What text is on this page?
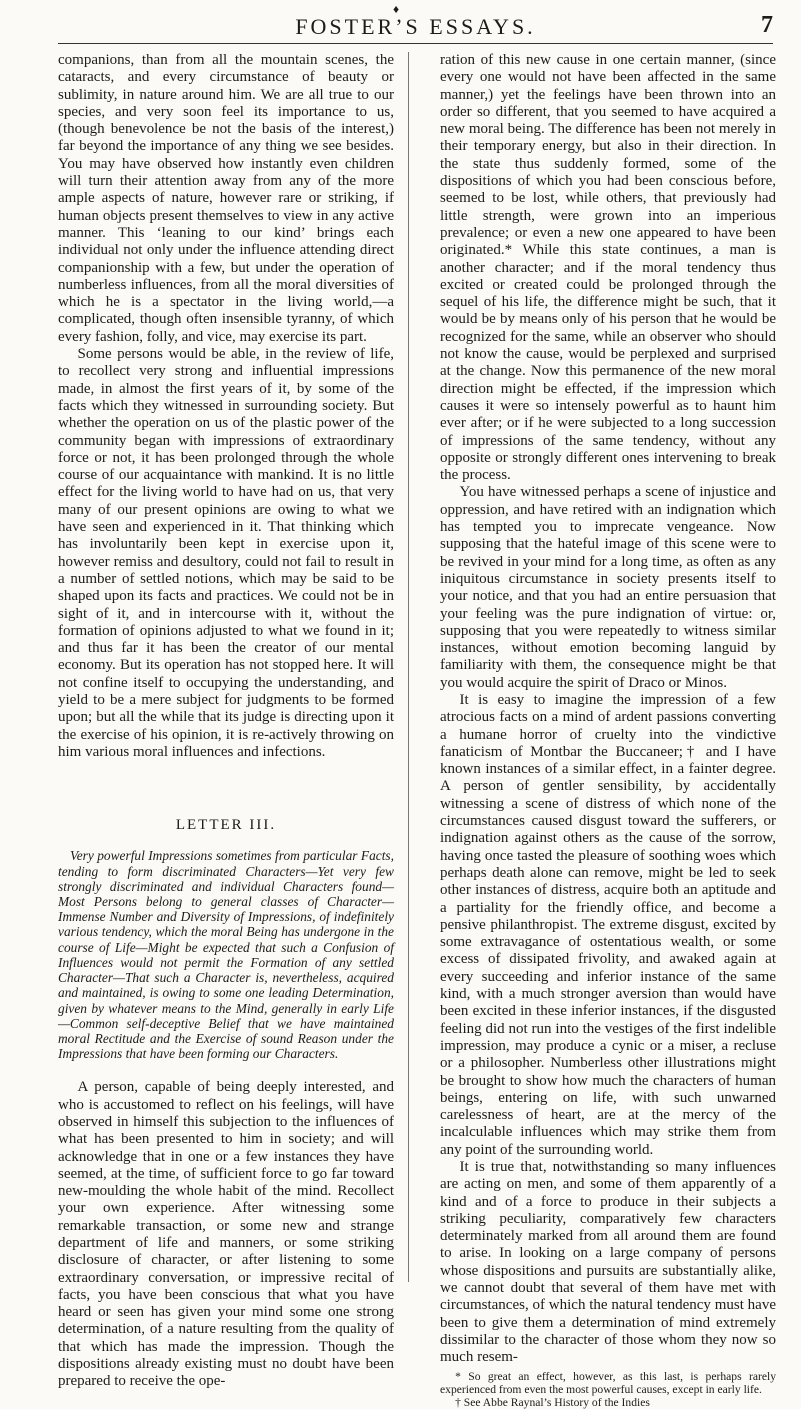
♦
FOSTER’S ESSAYS.	7

companions, than from all the mountain scenes, the cataracts, and every circumstance of beauty or sublimity, in nature around him. We are all true to our species, and very soon feel its importance to us, (though benevolence be not the basis of the interest,) far beyond the importance of any thing we see besides. You may have observed how instantly even children will turn their attention away from any of the more ample aspects of nature, however rare or striking, if human objects present themselves to view in any active manner. This ‘leaning to our kind’ brings each individual not only under the influence attending direct companionship with a few, but under the operation of numberless influences, from all the moral diversities of which he is a spectator in the living world,—a complicated, though often insensible tyranny, of which every fashion, folly, and vice, may exercise its part.

Some persons would be able, in the review of life, to recollect very strong and influential impressions made, in almost the first years of it, by some of the facts which they witnessed in surrounding society. But whether the operation on us of the plastic power of the community began with impressions of extraordinary force or not, it has been prolonged through the whole course of our acquaintance with mankind. It is no little effect for the living world to have had on us, that very many of our present opinions are owing to what we have seen and experienced in it. That thinking which has involuntarily been kept in exercise upon it, however remiss and desultory, could not fail to result in a number of settled notions, which may be said to be shaped upon its facts and practices. We could not be in sight of it, and in intercourse with it, without the formation of opinions adjusted to what we found in it; and thus far it has been the creator of our mental economy. But its operation has not stopped here. It will not confine itself to occupying the understanding, and yield to be a mere subject for judgments to be formed upon; but all the while that its judge is directing upon it the exercise of his opinion, it is re-actively throwing on him various moral influences and infections.

LETTER III.

Very powerful Impressions sometimes from particular Facts, tending to form discriminated Characters—Yet very few strongly discriminated and individual Characters found—Most Persons belong to general classes of Character—Immense Number and Diversity of Impressions, of indefinitely various tendency, which the moral Being has undergone in the course of Life—Might be expected that such a Confusion of Influences would not permit the Formation of any settled Character—That such a Character is, nevertheless, acquired and maintained, is owing to some one leading Determination, given by whatever means to the Mind, generally in early Life—Common self-deceptive Belief that we have maintained moral Rectitude and the Exercise of sound Reason under the Impressions that have been forming our Characters.

A person, capable of being deeply interested, and who is accustomed to reflect on his feelings, will have observed in himself this subjection to the influences of what has been presented to him in society; and will acknowledge that in one or a few instances they have seemed, at the time, of sufficient force to go far toward new-moulding the whole habit of the mind. Recollect your own experience. After witnessing some remarkable transaction, or some new and strange department of life and manners, or some striking disclosure of character, or after listening to some extraordinary conversation, or impressive recital of facts, you have been conscious that what you have heard or seen has given your mind some one strong determination, of a nature resulting from the quality of that which has made the impression. Though the dispositions already existing must no doubt have been prepared to receive the ope-

ration of this new cause in one certain manner, (since every one would not have been affected in the same manner,) yet the feelings have been thrown into an order so different, that you seemed to have acquired a new moral being. The difference has been not merely in their temporary energy, but also in their direction. In the state thus suddenly formed, some of the dispositions of which you had been conscious before, seemed to be lost, while others, that previously had little strength, were grown into an imperious prevalence; or even a new one appeared to have been originated.* While this state continues, a man is another character; and if the moral tendency thus excited or created could be prolonged through the sequel of his life, the difference might be such, that it would be by means only of his person that he would be recognized for the same, while an observer who should not know the cause, would be perplexed and surprised at the change. Now this permanence of the new moral direction might be effected, if the impression which causes it were so intensely powerful as to haunt him ever after; or if he were subjected to a long succession of impressions of the same tendency, without any opposite or strongly different ones intervening to break the process.

You have witnessed perhaps a scene of injustice and oppression, and have retired with an indignation which has tempted you to imprecate vengeance. Now supposing that the hateful image of this scene were to be revived in your mind for a long time, as often as any iniquitous circumstance in society presents itself to your notice, and that you had an entire persuasion that your feeling was the pure indignation of virtue: or, supposing that you were repeatedly to witness similar instances, without emotion becoming languid by familiarity with them, the consequence might be that you would acquire the spirit of Draco or Minos.

It is easy to imagine the impression of a few atrocious facts on a mind of ardent passions converting a humane horror of cruelty into the vindictive fanaticism of Montbar the Buccaneer;† and I have known instances of a similar effect, in a fainter degree. A person of gentler sensibility, by accidentally witnessing a scene of distress of which none of the circumstances caused disgust toward the sufferers, or indignation against others as the cause of the sorrow, having once tasted the pleasure of soothing woes which perhaps death alone can remove, might be led to seek other instances of distress, acquire both an aptitude and a partiality for the friendly office, and become a pensive philanthropist. The extreme disgust, excited by some extravagance of ostentatious wealth, or some excess of dissipated frivolity, and awaked again at every succeeding and inferior instance of the same kind, with a much stronger aversion than would have been excited in these inferior instances, if the disgusted feeling did not run into the vestiges of the first indelible impression, may produce a cynic or a miser, a recluse or a philosopher. Numberless other illustrations might be brought to show how much the characters of human beings, entering on life, with such unwarned carelessness of heart, are at the mercy of the incalculable influences which may strike them from any point of the surrounding world.

It is true that, notwithstanding so many influences are acting on men, and some of them apparently of a kind and of a force to produce in their subjects a striking peculiarity, comparatively few characters determinately marked from all around them are found to arise. In looking on a large company of persons whose dispositions and pursuits are substantially alike, we cannot doubt that several of them have met with circumstances, of which the natural tendency must have been to give them a determination of mind extremely dissimilar to the character of those whom they now so much resem-

* So great an effect, however, as this last, is perhaps rarely experienced from even the most powerful causes, except in early life.

† See Abbe Raynal’s History of the Indies
